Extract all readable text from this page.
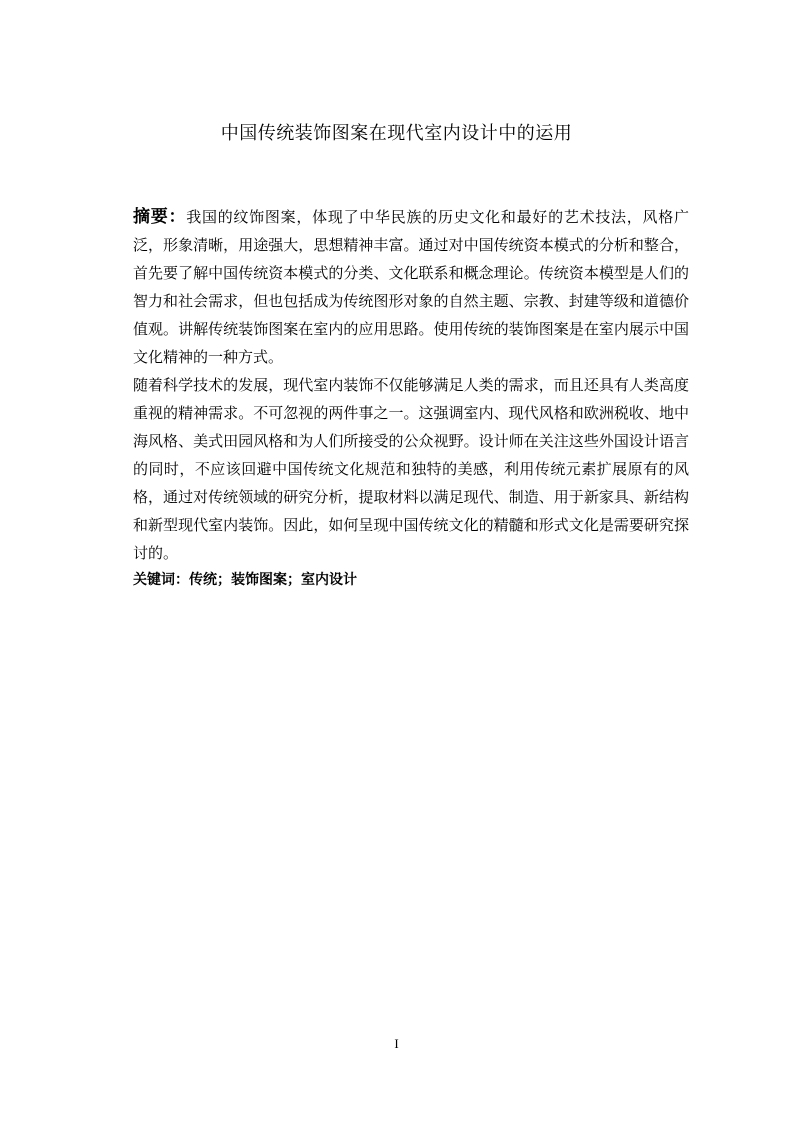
中国传统装饰图案在现代室内设计中的运用

摘要：我国的纹饰图案，体现了中华民族的历史文化和最好的艺术技法，风格广泛，形象清晰，用途强大，思想精神丰富。通过对中国传统资本模式的分析和整合，首先要了解中国传统资本模式的分类、文化联系和概念理论。传统资本模型是人们的智力和社会需求，但也包括成为传统图形对象的自然主题、宗教、封建等级和道德价值观。讲解传统装饰图案在室内的应用思路。使用传统的装饰图案是在室内展示中国文化精神的一种方式。

随着科学技术的发展，现代室内装饰不仅能够满足人类的需求，而且还具有人类高度重视的精神需求。不可忽视的两件事之一。这强调室内、现代风格和欧洲税收、地中海风格、美式田园风格和为人们所接受的公众视野。设计师在关注这些外国设计语言的同时，不应该回避中国传统文化规范和独特的美感，利用传统元素扩展原有的风格，通过对传统领域的研究分析，提取材料以满足现代、制造、用于新家具、新结构和新型现代室内装饰。因此，如何呈现中国传统文化的精髓和形式文化是需要研究探讨的。

关键词：传统；装饰图案；室内设计

I
